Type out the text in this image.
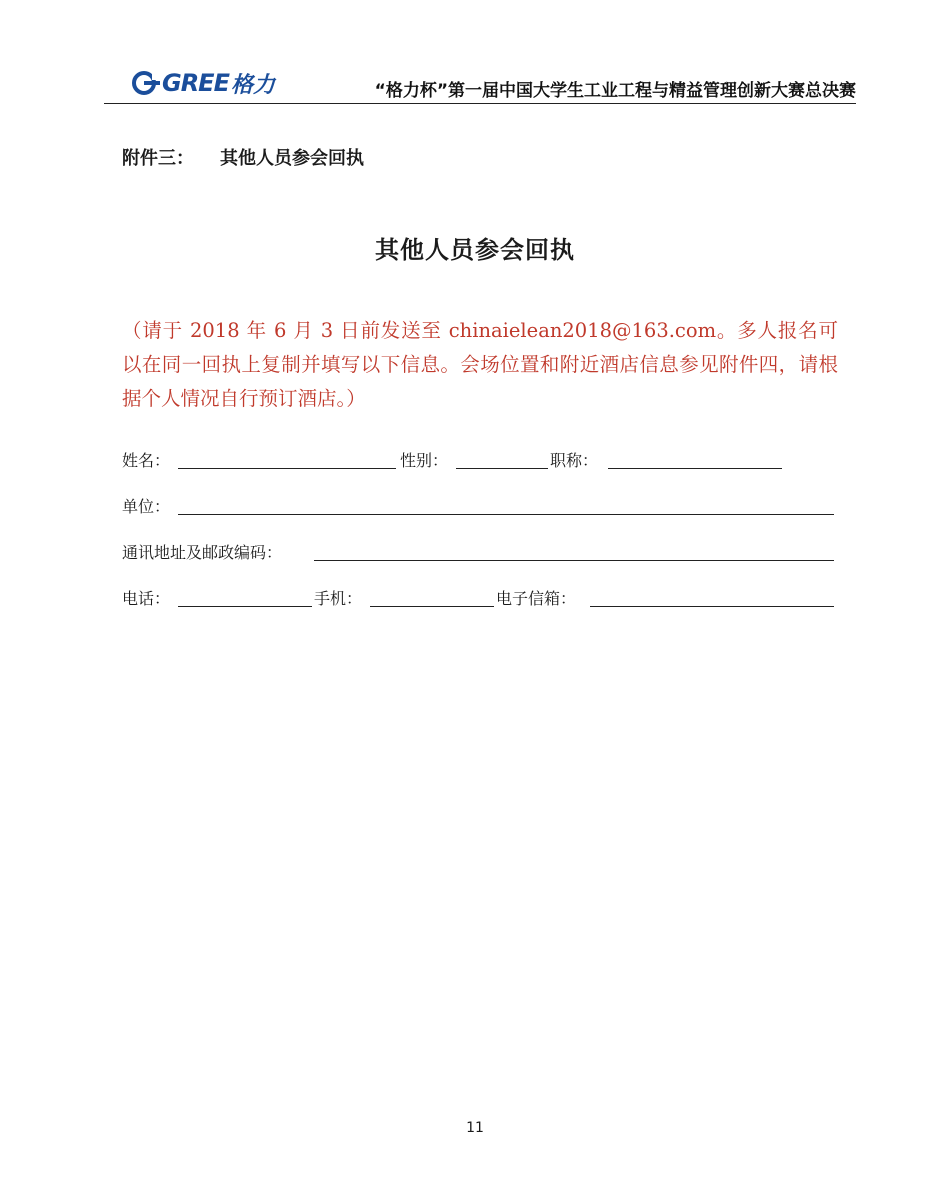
GREE 格力	“格力杯”第一届中国大学生工业工程与精益管理创新大赛总决赛
附件三： 其他人员参会回执
其他人员参会回执
（请于 2018 年 6 月 3 日前发送至 chinaielean2018@163.com。多人报名可以在同一回执上复制并填写以下信息。会场位置和附近酒店信息参见附件四，请根据个人情况自行预订酒店。）
姓名：	性别：	职称：
单位：
通讯地址及邮政编码：
电话：	手机：	电子信箱：
11
